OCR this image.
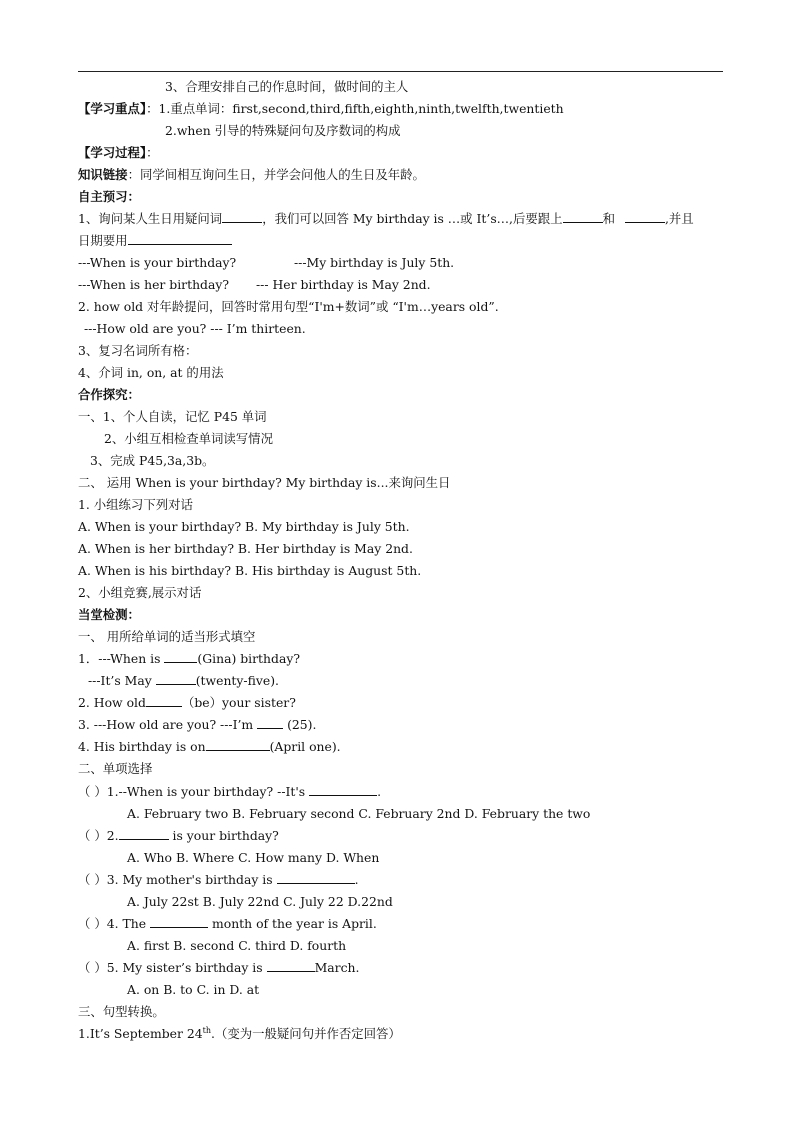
3、合理安排自己的作息时间，做时间的主人
【学习重点】：1.重点单词：first,second,third,fifth,eighth,ninth,twelfth,twentieth
2.when 引导的特殊疑问句及序数词的构成
【学习过程】：
知识链接：同学间相互询问生日，并学会问他人的生日及年龄。
自主预习：
1、询问某人生日用疑问词	，我们可以回答 My birthday is …或 It’s…,后要跟上	和	,并且
日期要用
---When is your birthday?	---My birthday is July 5th.
---When is her birthday? --- Her birthday is May 2nd.
2. how old 对年龄提问，回答时常用句型“I'm+数词”或 “I'm…years old”.
---How old are you? --- I’m thirteen.
3、复习名词所有格：
4、介词 in, on, at 的用法
合作探究：
一、1、个人自读，记忆 P45 单词
2、小组互相检查单词读写情况
3、完成 P45,3a,3b。
二、 运用 When is your birthday? My birthday is...来询问生日
1. 小组练习下列对话
A. When is your birthday? B. My birthday is July 5th.
A. When is her birthday? B. Her birthday is May 2nd.
A. When is his birthday? B. His birthday is August 5th.
2、小组竞赛,展示对话
当堂检测：
一、 用所给单词的适当形式填空
1．---When is	(Gina) birthday?
---It’s May	(twenty-five).
2. How old	（be）your sister?
3. ---How old are you? ---I’m	(25).
4. His birthday is on	(April one).
二、单项选择
（ ）1.--When is your birthday? --It's	.
A. February two B. February second C. February 2nd D. February the two
（ ）2.	is your birthday?
A. Who B. Where C. How many D. When
（ ）3. My mother's birthday is	.
A. July 22st B. July 22nd C. July 22 D.22nd
（ ）4. The	month of the year is April.
A. first B. second C. third D. fourth
（ ）5. My sister’s birthday is	March.
A. on B. to C. in D. at
三、句型转换。
1.It’s September 24th.（变为一般疑问句并作否定回答）
